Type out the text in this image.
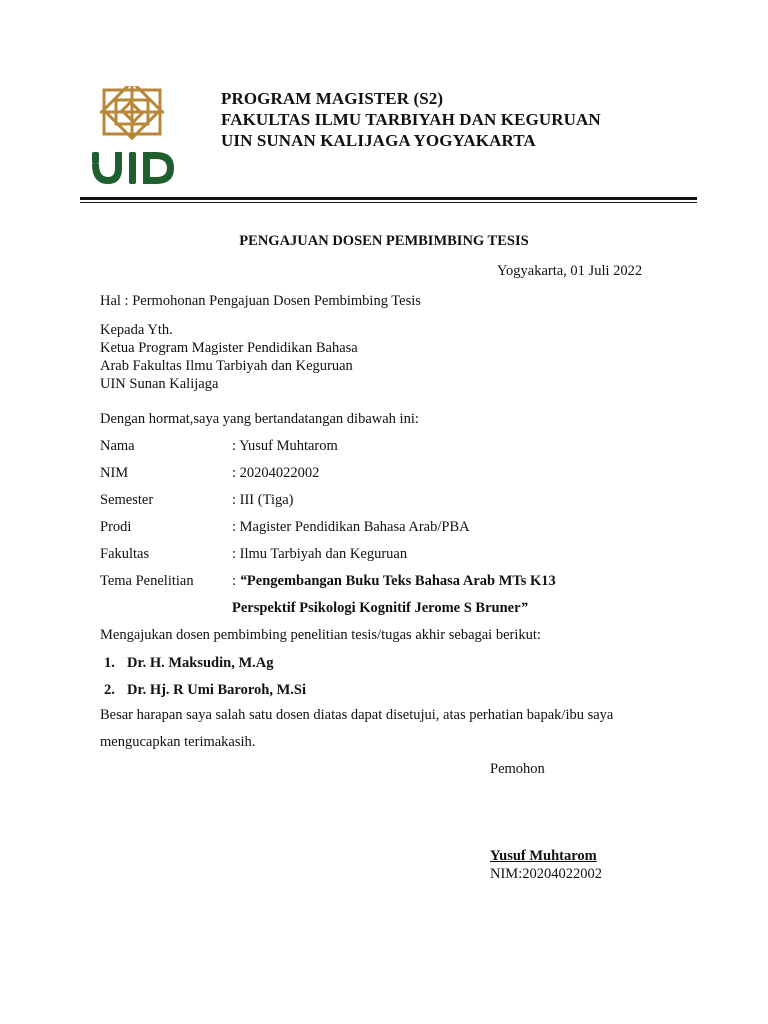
PROGRAM MAGISTER (S2)
FAKULTAS ILMU TARBIYAH DAN KEGURUAN
UIN SUNAN KALIJAGA YOGYAKARTA
PENGAJUAN DOSEN PEMBIMBING TESIS
Yogyakarta, 01 Juli 2022
Hal : Permohonan Pengajuan Dosen Pembimbing Tesis
Kepada Yth.
Ketua Program Magister Pendidikan Bahasa
Arab Fakultas Ilmu Tarbiyah dan Keguruan
UIN Sunan Kalijaga
Dengan hormat,saya yang bertandatangan dibawah ini:
Nama	: Yusuf Muhtarom
NIM	: 20204022002
Semester	: III (Tiga)
Prodi	: Magister Pendidikan Bahasa Arab/PBA
Fakultas	: Ilmu Tarbiyah dan Keguruan
Tema Penelitian	: “Pengembangan Buku Teks Bahasa Arab MTs K13
Perspektif Psikologi Kognitif Jerome S Bruner”
Mengajukan dosen pembimbing penelitian tesis/tugas akhir sebagai berikut:
1. Dr. H. Maksudin, M.Ag
2. Dr. Hj. R Umi Baroroh, M.Si
Besar harapan saya salah satu dosen diatas dapat disetujui, atas perhatian bapak/ibu saya
mengucapkan terimakasih.
Pemohon
Yusuf Muhtarom
NIM:20204022002
